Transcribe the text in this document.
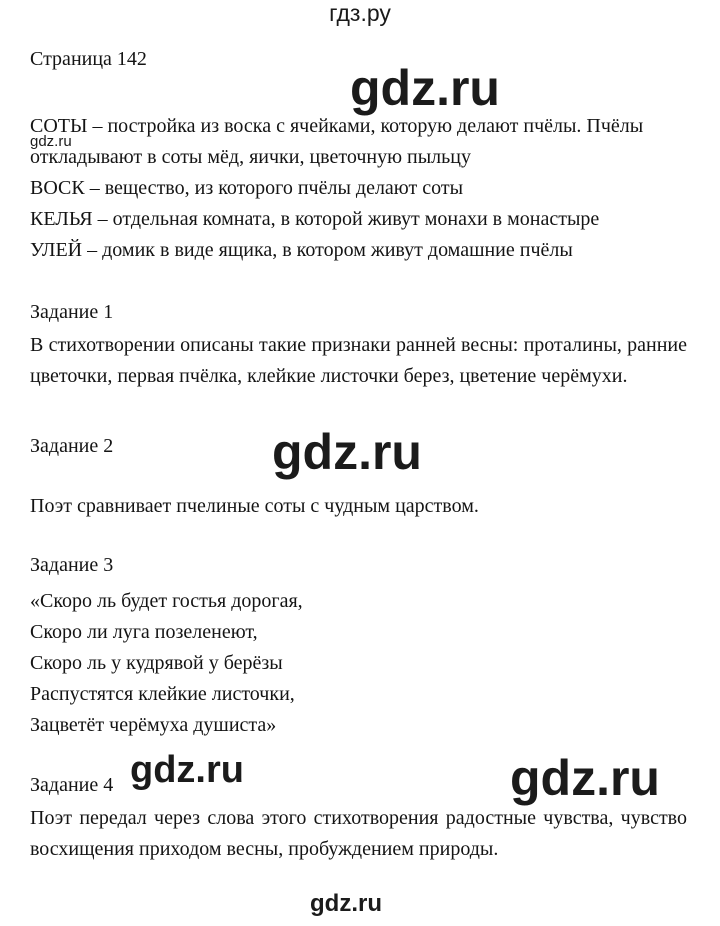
гдз.ру
Страница 142
СОТЫ – постройка из воска с ячейками, которую делают пчёлы. Пчёлы
откладывают в соты мёд, яички, цветочную пыльцу
ВОСК – вещество, из которого пчёлы делают соты
КЕЛЬЯ – отдельная комната, в которой живут монахи в монастыре
УЛЕЙ – домик в виде ящика, в котором живут домашние пчёлы
Задание 1
В стихотворении описаны такие признаки ранней весны: проталины, ранние цветочки, первая пчёлка, клейкие листочки берез, цветение черёмухи.
Задание 2
Поэт сравнивает пчелиные соты с чудным царством.
Задание 3
«Скоро ль будет гостья дорогая,
Скоро ли луга позеленеют,
Скоро ль у кудрявой у берёзы
Распустятся клейкие листочки,
Зацветёт черёмуха душиста»
Задание 4
Поэт передал через слова этого стихотворения радостные чувства, чувство восхищения приходом весны, пробуждением природы.
gdz.ru
gdz.ru
gdz.ru
gdz.ru	gdz.ru
gdz.ru
